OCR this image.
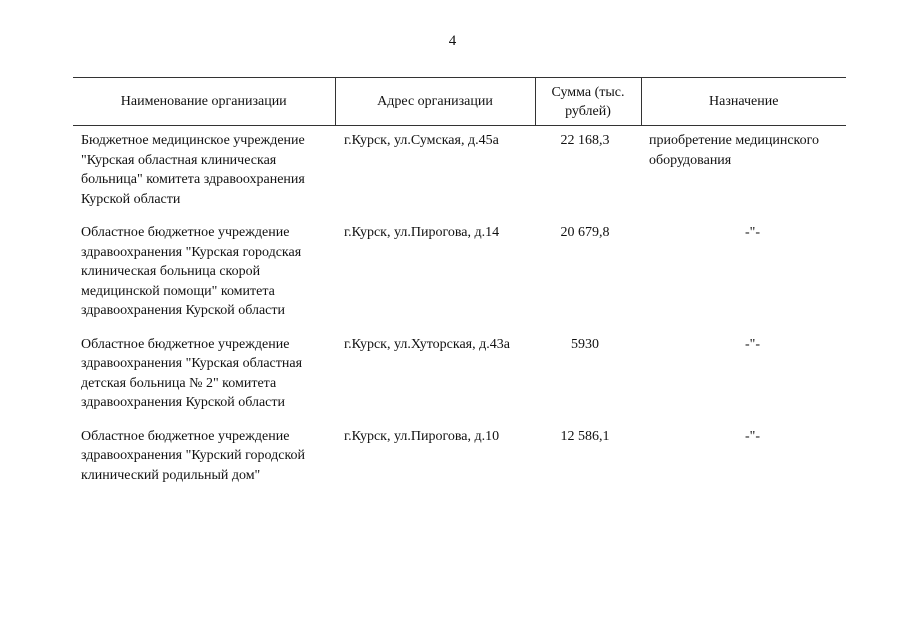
4
Наименование организации	Адрес организации	Сумма (тыс. рублей)	Назначение
Бюджетное медицинское учреждение "Курская областная клиническая больница" комитета здравоохранения Курской области	г.Курск, ул.Сумская, д.45а	22 168,3	приобретение медицинского оборудования
Областное бюджетное учреждение здравоохранения "Курская городская клиническая больница скорой медицинской помощи" комитета здравоохранения Курской области	г.Курск, ул.Пирогова, д.14	20 679,8	-"-
Областное бюджетное учреждение здравоохранения "Курская областная детская больница № 2" комитета здравоохранения Курской области	г.Курск, ул.Хуторская, д.43а	5930	-"-
Областное бюджетное учреждение здравоохранения "Курский городской клинический родильный дом"	г.Курск, ул.Пирогова, д.10	12 586,1	-"-
